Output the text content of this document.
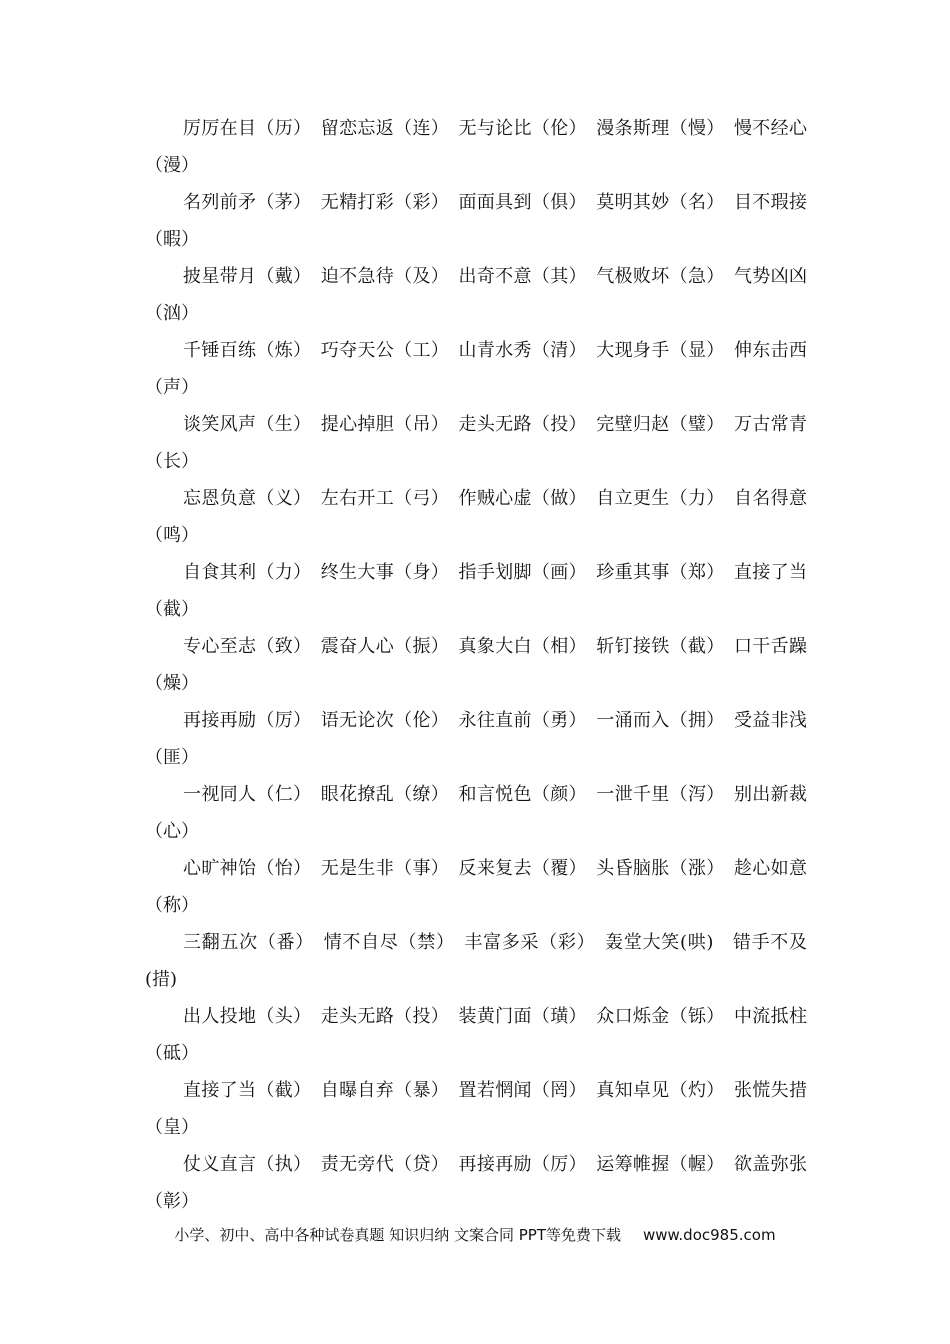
厉厉在目（历）　留恋忘返（连）　无与论比（伦）　漫条斯理（慢）　慢不经心（漫）

名列前矛（茅）　无精打彩（彩）　面面具到（俱）　莫明其妙（名）　目不瑕接（暇）

披星带月（戴）　迫不急待（及）　出奇不意（其）　气极败坏（急）　气势凶凶（汹）

千锤百练（炼）　巧夺天公（工）　山青水秀（清）　大现身手（显）　伸东击西（声）

谈笑风声（生）　提心掉胆（吊）　走头无路（投）　完壁归赵（璧）　万古常青（长）

忘恩负意（义）　左右开工（弓）　作贼心虚（做）　自立更生（力）　自名得意（鸣）

自食其利（力）　终生大事（身）　指手划脚（画）　珍重其事（郑）　直接了当（截）

专心至志（致）　震奋人心（振）　真象大白（相）　斩钉接铁（截）　口干舌躁（燥）

再接再励（厉）　语无论次（伦）　永往直前（勇）　一涌而入（拥）　受益非浅（匪）

一视同人（仁）　眼花撩乱（缭）　和言悦色（颜）　一泄千里（泻）　别出新裁（心）

心旷神饴（怡）　无是生非（事）　反来复去（覆）　头昏脑胀（涨）　趁心如意（称）

三翻五次（番）　情不自尽（禁）　丰富多采（彩）　轰堂大笑(哄)　错手不及(措)

出人投地（头）　走头无路（投）　装黄门面（璜）　众口烁金（铄）　中流抵柱（砥）

直接了当（截）　自曝自弃（暴）　置若惘闻（罔）　真知卓见（灼）　张慌失措（皇）

仗义直言（执）　责无旁代（贷）　再接再励（厉）　运筹帷握（幄）　欲盖弥张（彰）

小学、初中、高中各种试卷真题 知识归纳 文案合同 PPT等免费下载 www.doc985.com
